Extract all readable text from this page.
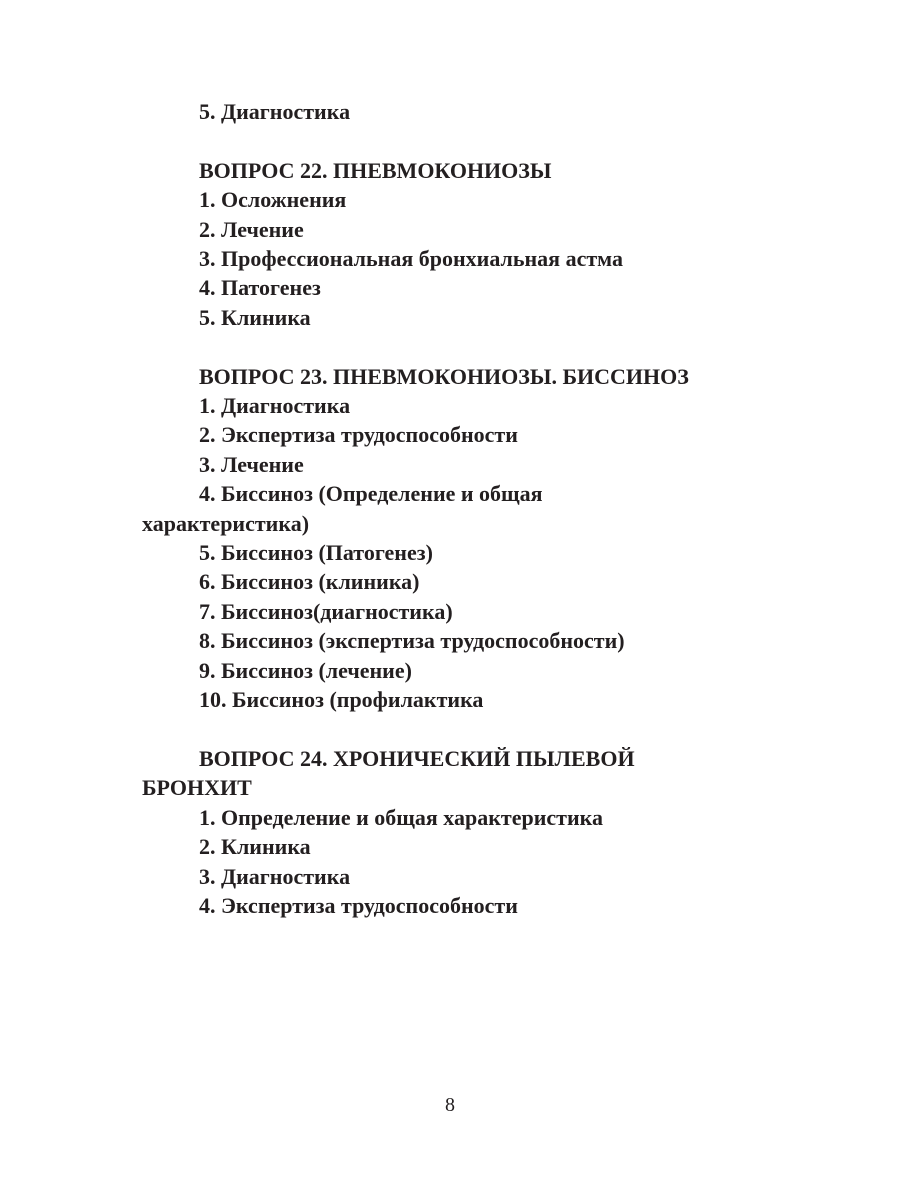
5. Диагностика
ВОПРОС 22. ПНЕВМОКОНИОЗЫ
1. Осложнения
2. Лечение
3. Профессиональная бронхиальная астма
4. Патогенез
5. Клиника
ВОПРОС 23. ПНЕВМОКОНИОЗЫ. БИССИНОЗ
1. Диагностика
2. Экспертиза трудоспособности
3. Лечение
4. Биссиноз (Определение и общая
характеристика)
5. Биссиноз (Патогенез)
6. Биссиноз (клиника)
7. Биссиноз(диагностика)
8. Биссиноз (экспертиза трудоспособности)
9. Биссиноз (лечение)
10. Биссиноз (профилактика
ВОПРОС 24. ХРОНИЧЕСКИЙ ПЫЛЕВОЙ
БРОНХИТ
1. Определение и общая характеристика
2. Клиника
3. Диагностика
4. Экспертиза трудоспособности
8
